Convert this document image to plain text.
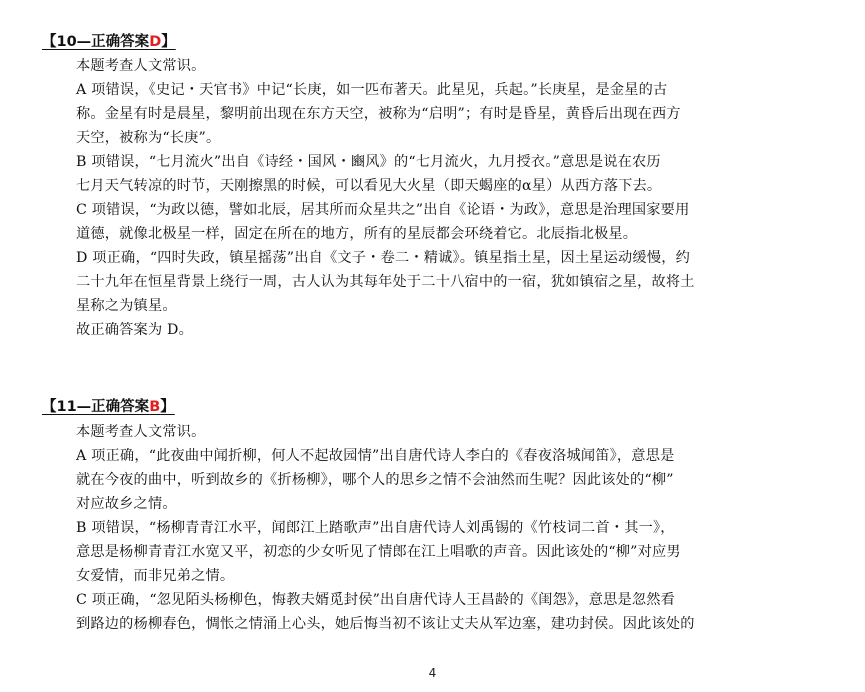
【10—正确答案D】
本题考查人文常识。
A 项错误，《史记・天官书》中记“长庚，如一匹布著天。此星见，兵起。”长庚星，是金星的古
称。金星有时是晨星，黎明前出现在东方天空，被称为“启明”；有时是昏星，黄昏后出现在西方
天空，被称为“长庚”。
B 项错误，“七月流火”出自《诗经・国风・豳风》的“七月流火，九月授衣。”意思是说在农历
七月天气转凉的时节，天刚擦黑的时候，可以看见大火星（即天蝎座的α星）从西方落下去。
C 项错误，“为政以德，譬如北辰，居其所而众星共之”出自《论语・为政》，意思是治理国家要用
道德，就像北极星一样，固定在所在的地方，所有的星辰都会环绕着它。北辰指北极星。
D 项正确，“四时失政，镇星摇荡”出自《文子・卷二・精诚》。镇星指土星，因土星运动缓慢，约
二十九年在恒星背景上绕行一周，古人认为其每年处于二十八宿中的一宿，犹如镇宿之星，故将土
星称之为镇星。
故正确答案为 D。
【11—正确答案B】
本题考查人文常识。
A 项正确，“此夜曲中闻折柳，何人不起故园情”出自唐代诗人李白的《春夜洛城闻笛》，意思是
就在今夜的曲中，听到故乡的《折杨柳》，哪个人的思乡之情不会油然而生呢？因此该处的“柳”
对应故乡之情。
B 项错误，“杨柳青青江水平，闻郎江上踏歌声”出自唐代诗人刘禹锡的《竹枝词二首・其一》，
意思是杨柳青青江水宽又平，初恋的少女听见了情郎在江上唱歌的声音。因此该处的“柳”对应男
女爱情，而非兄弟之情。
C 项正确，“忽见陌头杨柳色，悔教夫婿觅封侯”出自唐代诗人王昌龄的《闺怨》，意思是忽然看
到路边的杨柳春色，惆怅之情涌上心头，她后悔当初不该让丈夫从军边塞，建功封侯。因此该处的
4
